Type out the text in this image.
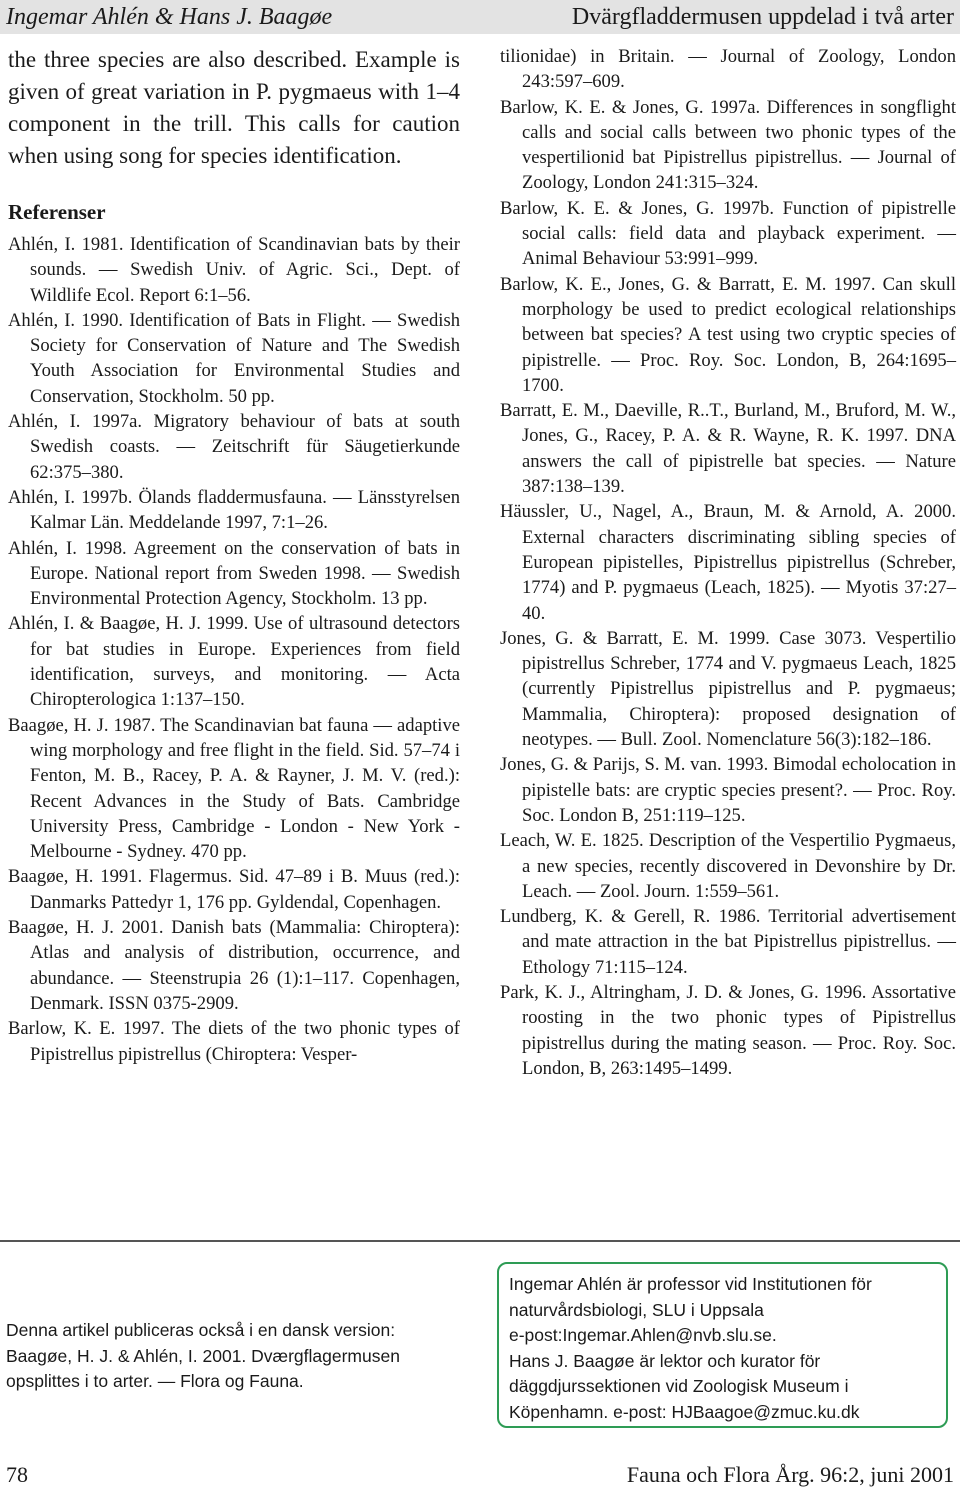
Ingemar Ahlén & Hans J. Baagøe	Dvärgfladdermusen uppdelad i två arter

the three species are also described. Example is given of great variation in P. pygmaeus with 1–4 component in the trill. This calls for caution when using song for species identification.

Referenser

Ahlén, I. 1981. Identification of Scandinavian bats by their sounds. — Swedish Univ. of Agric. Sci., Dept. of Wildlife Ecol. Report 6:1–56.

Ahlén, I. 1990. Identification of Bats in Flight. — Swedish Society for Conservation of Nature and The Swedish Youth Association for Environmental Studies and Conservation, Stockholm. 50 pp.

Ahlén, I. 1997a. Migratory behaviour of bats at south Swedish coasts. — Zeitschrift für Säugetierkunde 62:375–380.

Ahlén, I. 1997b. Ölands fladdermusfauna. — Länsstyrelsen Kalmar Län. Meddelande 1997, 7:1–26.

Ahlén, I. 1998. Agreement on the conservation of bats in Europe. National report from Sweden 1998. — Swedish Environmental Protection Agency, Stockholm. 13 pp.

Ahlén, I. & Baagøe, H. J. 1999. Use of ultrasound detectors for bat studies in Europe. Experiences from field identification, surveys, and monitoring. — Acta Chiropterologica 1:137–150.

Baagøe, H. J. 1987. The Scandinavian bat fauna — adaptive wing morphology and free flight in the field. Sid. 57–74 i Fenton, M. B., Racey, P. A. & Rayner, J. M. V. (red.): Recent Advances in the Study of Bats. Cambridge University Press, Cambridge - London - New York - Melbourne - Sydney. 470 pp.

Baagøe, H. 1991. Flagermus. Sid. 47–89 i B. Muus (red.): Danmarks Pattedyr 1, 176 pp. Gyldendal, Copenhagen.

Baagøe, H. J. 2001. Danish bats (Mammalia: Chiroptera): Atlas and analysis of distribution, occurrence, and abundance. — Steenstrupia 26 (1):1–117. Copenhagen, Denmark. ISSN 0375-2909.

Barlow, K. E. 1997. The diets of the two phonic types of Pipistrellus pipistrellus (Chiroptera: Vesper-

tilionidae) in Britain. — Journal of Zoology, London 243:597–609.

Barlow, K. E. & Jones, G. 1997a. Differences in songflight calls and social calls between two phonic types of the vespertilionid bat Pipistrellus pipistrellus. — Journal of Zoology, London 241:315–324.

Barlow, K. E. & Jones, G. 1997b. Function of pipistrelle social calls: field data and playback experiment. — Animal Behaviour 53:991–999.

Barlow, K. E., Jones, G. & Barratt, E. M. 1997. Can skull morphology be used to predict ecological relationships between bat species? A test using two cryptic species of pipistrelle. — Proc. Roy. Soc. London, B, 264:1695–1700.

Barratt, E. M., Daeville, R..T., Burland, M., Bruford, M. W., Jones, G., Racey, P. A. & R. Wayne, R. K. 1997. DNA answers the call of pipistrelle bat species. — Nature 387:138–139.

Häussler, U., Nagel, A., Braun, M. & Arnold, A. 2000. External characters discriminating sibling species of European pipistelles, Pipistrellus pipistrellus (Schreber, 1774) and P. pygmaeus (Leach, 1825). — Myotis 37:27–40.

Jones, G. & Barratt, E. M. 1999. Case 3073. Vespertilio pipistrellus Schreber, 1774 and V. pygmaeus Leach, 1825 (currently Pipistrellus pipistrellus and P. pygmaeus; Mammalia, Chiroptera): proposed designation of neotypes. — Bull. Zool. Nomenclature 56(3):182–186.

Jones, G. & Parijs, S. M. van. 1993. Bimodal echolocation in pipistelle bats: are cryptic species present?. — Proc. Roy. Soc. London B, 251:119–125.

Leach, W. E. 1825. Description of the Vespertilio Pygmaeus, a new species, recently discovered in Devonshire by Dr. Leach. — Zool. Journ. 1:559–561.

Lundberg, K. & Gerell, R. 1986. Territorial advertisement and mate attraction in the bat Pipistrellus pipistrellus. — Ethology 71:115–124.

Park, K. J., Altringham, J. D. & Jones, G. 1996. Assortative roosting in the two phonic types of Pipistrellus pipistrellus during the mating season. — Proc. Roy. Soc. London, B, 263:1495–1499.

Denna artikel publiceras också i en dansk version: Baagøe, H. J. & Ahlén, I. 2001. Dværgflagermusen opsplittes i to arter. — Flora og Fauna.

Ingemar Ahlén är professor vid Institutionen för naturvårdsbiologi, SLU i Uppsala

e-post:Ingemar.Ahlen@nvb.slu.se.

Hans J. Baagøe är lektor och kurator för däggdjurssektionen vid Zoologisk Museum i Köpenhamn. e-post: HJBaagoe@zmuc.ku.dk

78	Fauna och Flora Årg. 96:2, juni 2001
